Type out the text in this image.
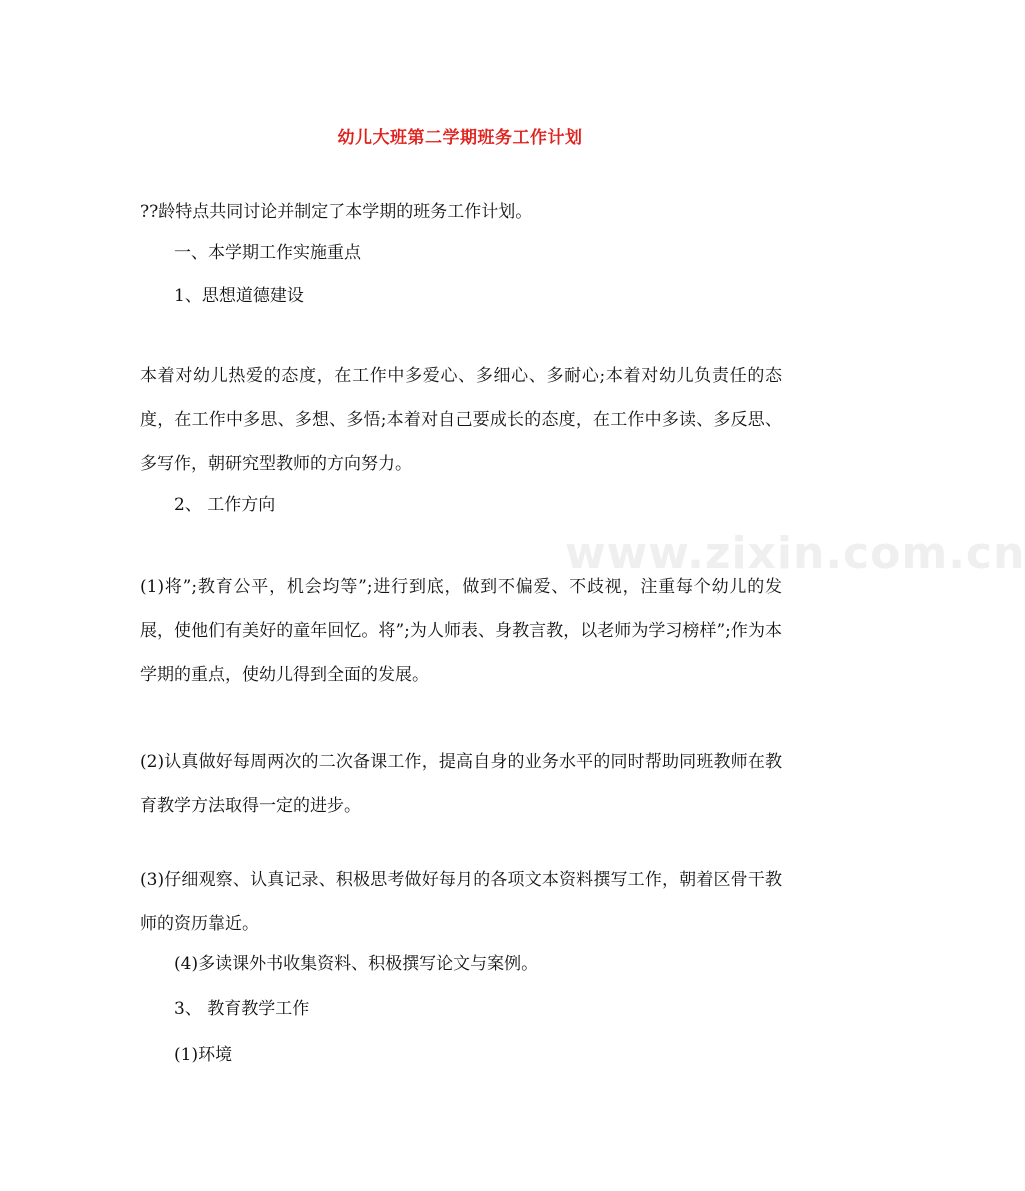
www.zixin.com.cn
幼儿大班第二学期班务工作计划
??龄特点共同讨论并制定了本学期的班务工作计划。
一、本学期工作实施重点
1、思想道德建设
本着对幼儿热爱的态度，在工作中多爱心、多细心、多耐心;本着对幼儿负责任的态度，在工作中多思、多想、多悟;本着对自己要成长的态度，在工作中多读、多反思、多写作，朝研究型教师的方向努力。
2、 工作方向
(1)将”;教育公平，机会均等”;进行到底，做到不偏爱、不歧视，注重每个幼儿的发展，使他们有美好的童年回忆。将”;为人师表、身教言教，以老师为学习榜样”;作为本学期的重点，使幼儿得到全面的发展。
(2)认真做好每周两次的二次备课工作，提高自身的业务水平的同时帮助同班教师在教育教学方法取得一定的进步。
(3)仔细观察、认真记录、积极思考做好每月的各项文本资料撰写工作，朝着区骨干教师的资历靠近。
(4)多读课外书收集资料、积极撰写论文与案例。
3、 教育教学工作
(1)环境
